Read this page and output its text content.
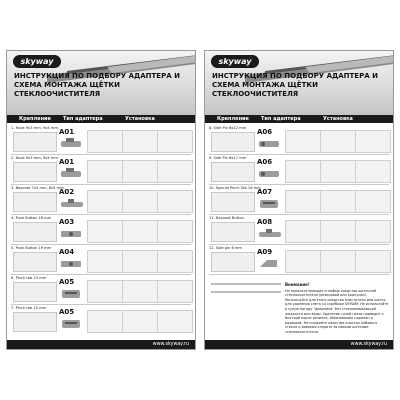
skyway
ИНСТРУКЦИЯ ПО ПОДБОРУ АДАПТЕРА И СХЕМА МОНТАЖА ЩЁТКИ СТЕКЛООЧИСТИТЕЛЯ
Крепление Тип адаптера	Установка
1. Hook 9x3 mm, 9x4 mm A01
2. Hook 9x3 mm, 9x4 mm A01
3. Bayonet 7x3 mm, 8x3 mm
A02
4. Push Button 16 mm A03
5. Push Button 19 mm A04
6. Pinch tab 13 mm A05
7. Pinch tab 15 mm A05
www.skyway.ru
skyway
ИНСТРУКЦИЯ ПО ПОДБОРУ АДАПТЕРА И СХЕМА МОНТАЖА ЩЁТКИ СТЕКЛООЧИСТИТЕЛЯ
Крепление Тип адаптера	Установка
8. Side Pin 6x22 mm A06
9. Side Pin 6x17 mm A06
10. Special Pinch Tab 16 mm
A07
11. Bayonet Button A08
12. Side pin 6 mm A09
Внимание!
Не наносите моющие и любые средства щеточной стеклоочистителя (резиновой или корпусом). Используйте для этого средства очистители или щетку для удаления снега со скребком SKYWAY. Не используйте в сухую погоду "дворники" без стеклоомывающей жидкости или воды. Удаление сухой грязи приводит к быстрой порче резинки, образованию царапин и разводов. Не снижайте качество очистки лобового стекла и вовремя следите за своими щетками стеклоочистителя.
www.skyway.ru
